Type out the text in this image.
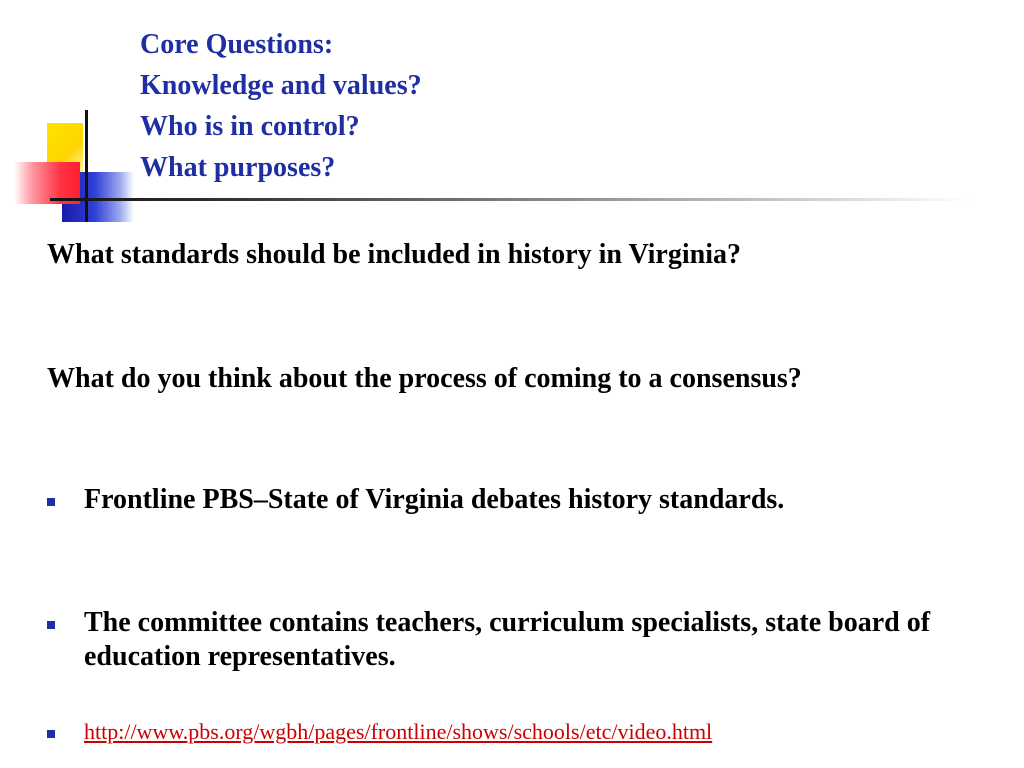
Core Questions:
Knowledge and values?
Who is in control?
What purposes?
What standards should be included in history in Virginia?
What do you think about the process of coming to a consensus?
Frontline PBS–State of Virginia debates history standards.
The committee contains teachers, curriculum specialists, state board of education representatives.
http://www.pbs.org/wgbh/pages/frontline/shows/schools/etc/video.html
